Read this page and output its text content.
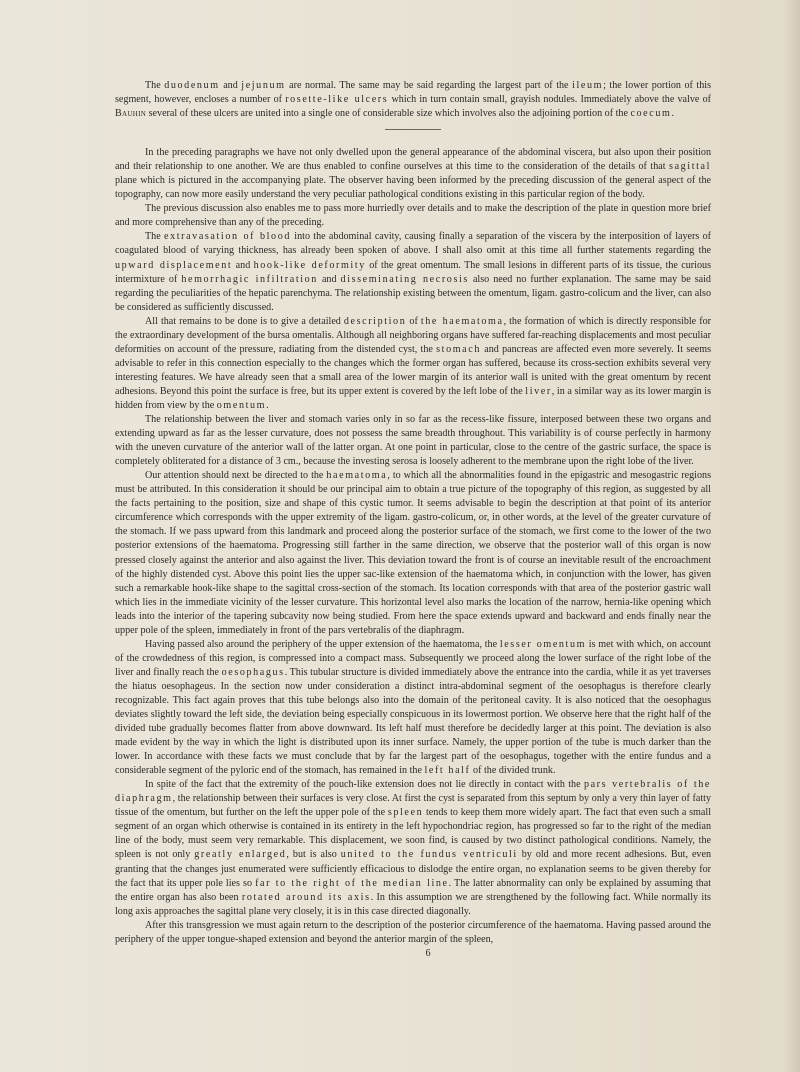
The duodenum and jejunum are normal. The same may be said regarding the largest part of the ileum; the lower portion of this segment, however, encloses a number of rosette-like ulcers which in turn contain small, grayish nodules. Immediately above the valve of Bauhin several of these ulcers are united into a single one of considerable size which involves also the adjoining portion of the coecum.

In the preceding paragraphs we have not only dwelled upon the general appearance of the abdominal viscera, but also upon their position and their relationship to one another. We are thus enabled to confine ourselves at this time to the consideration of the details of that sagittal plane which is pictured in the accompanying plate. The observer having been informed by the preceding discussion of the general aspect of the topography, can now more easily understand the very peculiar pathological conditions existing in this particular region of the body.

The previous discussion also enables me to pass more hurriedly over details and to make the description of the plate in question more brief and more comprehensive than any of the preceding.

The extravasation of blood into the abdominal cavity, causing finally a separation of the viscera by the interposition of layers of coagulated blood of varying thickness, has already been spoken of above. I shall also omit at this time all further statements regarding the upward displacement and hook-like deformity of the great omentum. The small lesions in different parts of its tissue, the curious intermixture of hemorrhagic infiltration and disseminating necrosis also need no further explanation. The same may be said regarding the peculiarities of the hepatic parenchyma. The relationship existing between the omentum, ligam. gastro-colicum and the liver, can also be considered as sufficiently discussed.

All that remains to be done is to give a detailed description of the haematoma, the formation of which is directly responsible for the extraordinary development of the bursa omentalis. Although all neighboring organs have suffered far-reaching displacements and most peculiar deformities on account of the pressure, radiating from the distended cyst, the stomach and pancreas are affected even more severely. It seems advisable to refer in this connection especially to the changes which the former organ has suffered, because its cross-section exhibits several very interesting features. We have already seen that a small area of the lower margin of its anterior wall is united with the great omentum by recent adhesions. Beyond this point the surface is free, but its upper extent is covered by the left lobe of the liver, in a similar way as its lower margin is hidden from view by the omentum.

The relationship between the liver and stomach varies only in so far as the recess-like fissure, interposed between these two organs and extending upward as far as the lesser curvature, does not possess the same breadth throughout. This variability is of course perfectly in harmony with the uneven curvature of the anterior wall of the latter organ. At one point in particular, close to the centre of the gastric surface, the space is completely obliterated for a distance of 3 cm., because the investing serosa is loosely adherent to the membrane upon the right lobe of the liver.

Our attention should next be directed to the haematoma, to which all the abnormalities found in the epigastric and mesogastric regions must be attributed. In this consideration it should be our principal aim to obtain a true picture of the topography of this region, as suggested by all the facts pertaining to the position, size and shape of this cystic tumor. It seems advisable to begin the description at that point of its anterior circumference which corresponds with the upper extremity of the ligam. gastro-colicum, or, in other words, at the level of the greater curvature of the stomach. If we pass upward from this landmark and proceed along the posterior surface of the stomach, we first come to the lower of the two posterior extensions of the haematoma. Progressing still farther in the same direction, we observe that the posterior wall of this organ is now pressed closely against the anterior and also against the liver. This deviation toward the front is of course an inevitable result of the encroachment of the highly distended cyst. Above this point lies the upper sac-like extension of the haematoma which, in conjunction with the lower, has given such a remarkable hook-like shape to the sagittal cross-section of the stomach. Its location corresponds with that area of the posterior gastric wall which lies in the immediate vicinity of the lesser curvature. This horizontal level also marks the location of the narrow, hernia-like opening which leads into the interior of the tapering subcavity now being studied. From here the space extends upward and backward and ends finally near the upper pole of the spleen, immediately in front of the pars vertebralis of the diaphragm.

Having passed also around the periphery of the upper extension of the haematoma, the lesser omentum is met with which, on account of the crowdedness of this region, is compressed into a compact mass. Subsequently we proceed along the lower surface of the right lobe of the liver and finally reach the oesophagus. This tubular structure is divided immediately above the entrance into the cardia, while it as yet traverses the hiatus oesophageus. In the section now under consideration a distinct intra-abdominal segment of the oesophagus is therefore clearly recognizable. This fact again proves that this tube belongs also into the domain of the peritoneal cavity. It is also noticed that the oesophagus deviates slightly toward the left side, the deviation being especially conspicuous in its lowermost portion. We observe here that the right half of the divided tube gradually becomes flatter from above downward. Its left half must therefore be decidedly larger at this point. The deviation is also made evident by the way in which the light is distributed upon its inner surface. Namely, the upper portion of the tube is much darker than the lower. In accordance with these facts we must conclude that by far the largest part of the oesophagus, together with the entire fundus and a considerable segment of the pyloric end of the stomach, has remained in the left half of the divided trunk.

In spite of the fact that the extremity of the pouch-like extension does not lie directly in contact with the pars vertebralis of the diaphragm, the relationship between their surfaces is very close. At first the cyst is separated from this septum by only a very thin layer of fatty tissue of the omentum, but further on the left the upper pole of the spleen tends to keep them more widely apart. The fact that even such a small segment of an organ which otherwise is contained in its entirety in the left hypochondriac region, has progressed so far to the right of the median line of the body, must seem very remarkable. This displacement, we soon find, is caused by two distinct pathological conditions. Namely, the spleen is not only greatly enlarged, but is also united to the fundus ventriculi by old and more recent adhesions. But, even granting that the changes just enumerated were sufficiently efficacious to dislodge the entire organ, no explanation seems to be given thereby for the fact that its upper pole lies so far to the right of the median line. The latter abnormality can only be explained by assuming that the entire organ has also been rotated around its axis. In this assumption we are strengthened by the following fact. While normally its long axis approaches the sagittal plane very closely, it is in this case directed diagonally.

After this transgression we must again return to the description of the posterior circumference of the haematoma. Having passed around the periphery of the upper tongue-shaped extension and beyond the anterior margin of the spleen,

6
